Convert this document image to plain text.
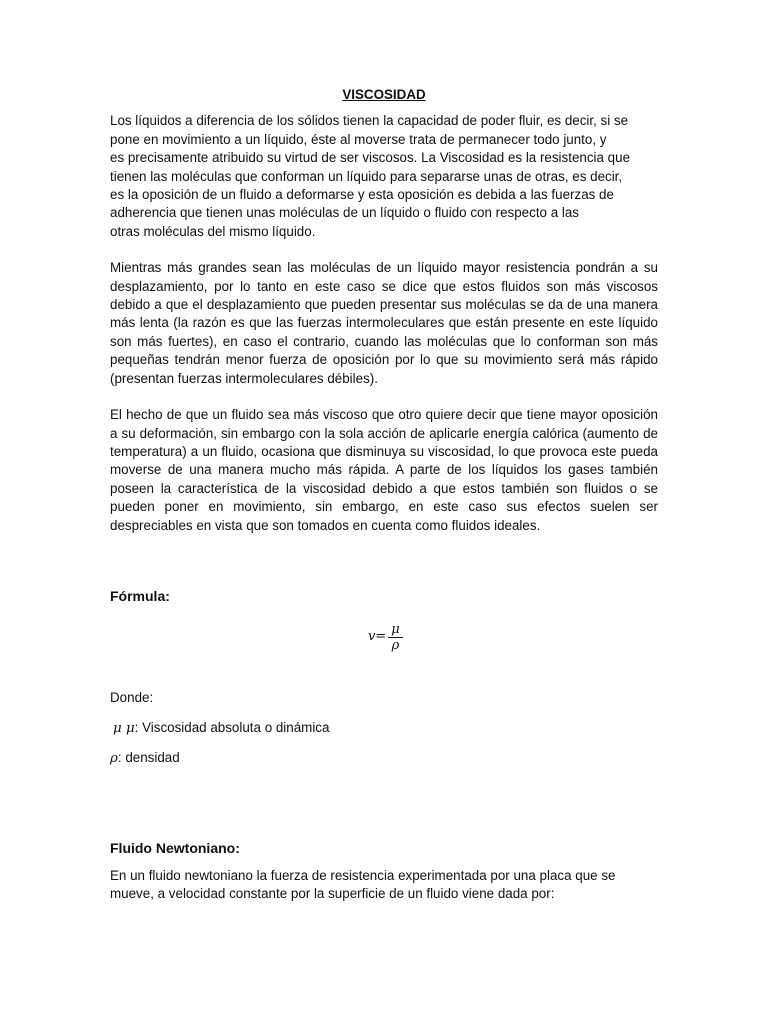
VISCOSIDAD

Los líquidos a diferencia de los sólidos tienen la capacidad de poder fluir, es decir, si se
pone en movimiento a un líquido, éste al moverse trata de permanecer todo junto, y
es precisamente atribuido su virtud de ser viscosos. La Viscosidad es la resistencia que
tienen las moléculas que conforman un líquido para separarse unas de otras, es decir,
es la oposición de un fluido a deformarse y esta oposición es debida a las fuerzas de
adherencia que tienen unas moléculas de un líquido o fluido con respecto a las
otras moléculas del mismo líquido.

Mientras más grandes sean las moléculas de un líquido mayor resistencia pondrán a su desplazamiento, por lo tanto en este caso se dice que estos fluidos son más viscosos debido a que el desplazamiento que pueden presentar sus moléculas se da de una manera más lenta (la razón es que las fuerzas intermoleculares que están presente en este líquido son más fuertes), en caso el contrario, cuando las moléculas que lo conforman son más pequeñas tendrán menor fuerza de oposición por lo que su movimiento será más rápido (presentan fuerzas intermoleculares débiles).

El hecho de que un fluido sea más viscoso que otro quiere decir que tiene mayor oposición a su deformación, sin embargo con la sola acción de aplicarle energía calórica (aumento de temperatura) a un fluido, ocasiona que disminuya su viscosidad, lo que provoca este pueda moverse de una manera mucho más rápida. A parte de los líquidos los gases también poseen la característica de la viscosidad debido a que estos también son fluidos o se pueden poner en movimiento, sin embargo, en este caso sus efectos suelen ser despreciables en vista que son tomados en cuenta como fluidos ideales.

Fórmula:
$v = \frac{\mu}{\rho}$
Donde:
μ μ: Viscosidad absoluta o dinámica
ρ: densidad
Fluido Newtoniano:

En un fluido newtoniano la fuerza de resistencia experimentada por una placa que se
mueve, a velocidad constante por la superficie de un fluido viene dada por:
